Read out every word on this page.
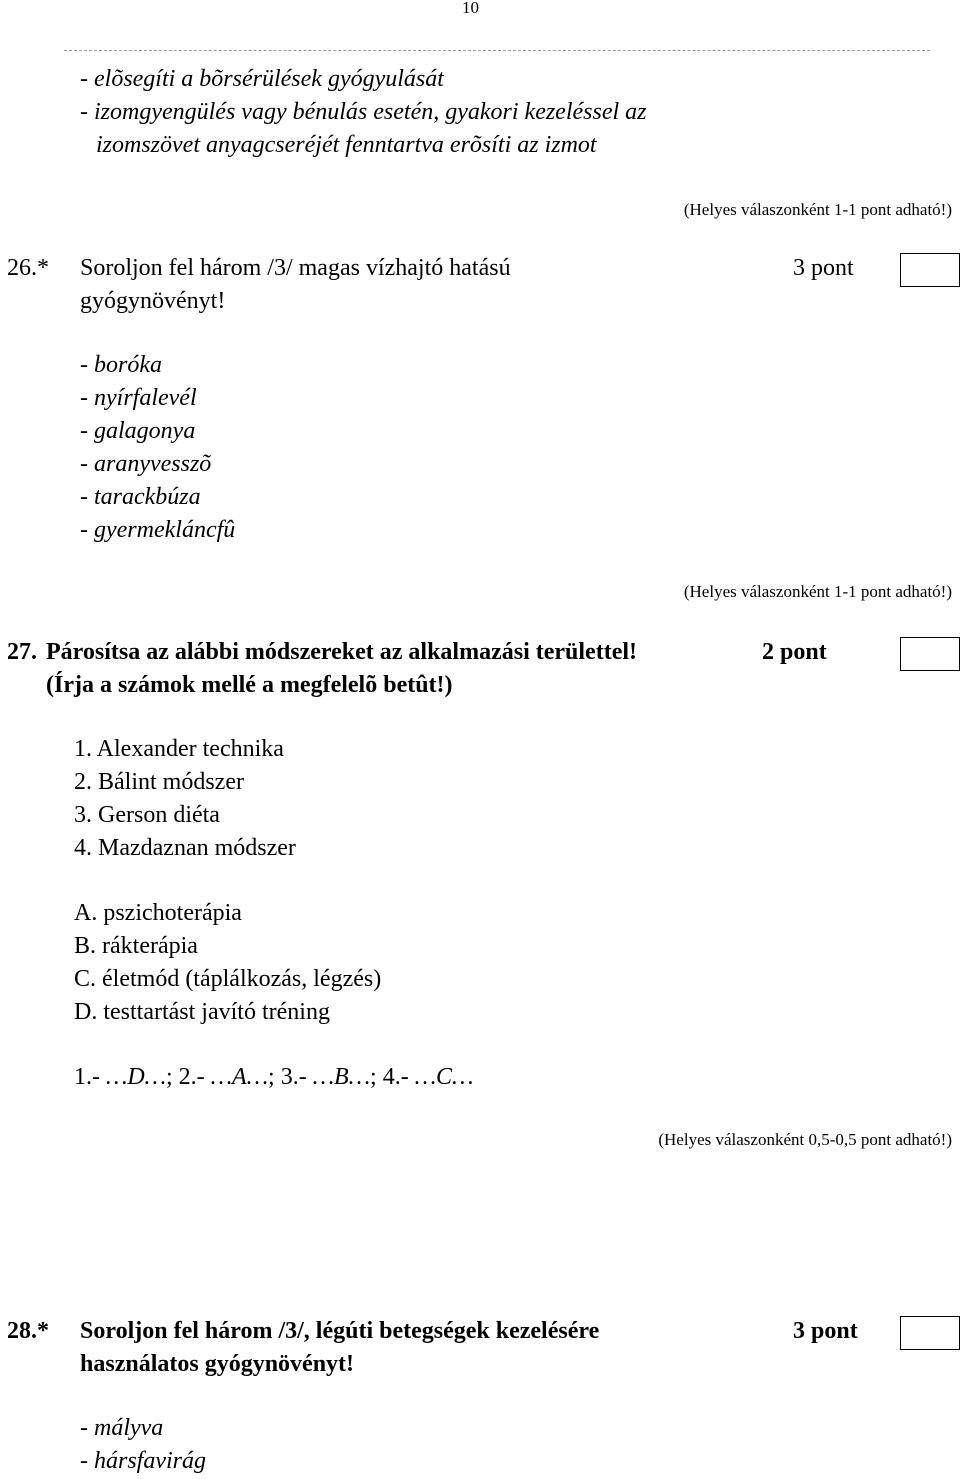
10
- elõsegíti a bõrsérülések gyógyulását
- izomgyengülés vagy bénulás esetén, gyakori kezeléssel az
izomszövet anyagcseréjét fenntartva erõsíti az izmot
(Helyes válaszonként 1-1 pont adható!)
26.* Soroljon fel három /3/ magas vízhajtó hatású
gyógynövényt!
3 pont
- boróka
- nyírfalevél
- galagonya
- aranyvesszõ
- tarackbúza
- gyermekláncfû
(Helyes válaszonként 1-1 pont adható!)
27. Párosítsa az alábbi módszereket az alkalmazási területtel!
(Írja a számok mellé a megfelelõ betût!)
2 pont
1. Alexander technika
2. Bálint módszer
3. Gerson diéta
4. Mazdaznan módszer
A. pszichoterápia
B. rákterápia
C. életmód (táplálkozás, légzés)
D. testtartást javító tréning
1.- …D…; 2.- …A…; 3.- …B…; 4.- …C…
(Helyes válaszonként 0,5-0,5 pont adható!)
28.* Soroljon fel három /3/, légúti betegségek kezelésére
használatos gyógynövényt!
3 pont
- mályva
- hársfavirág
